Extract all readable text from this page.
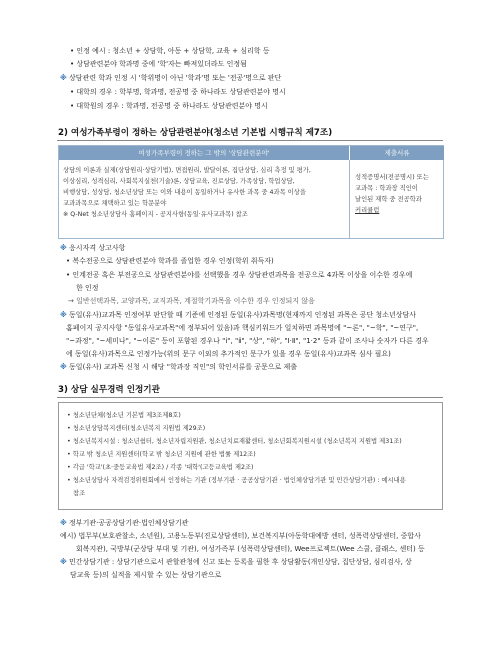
• 인정 예시 : 청소년 + 상담학, 아동 + 상담학, 교육 + 심리학 등
• 상담관련분야 학과명 중에 '학'자는 빠져있더라도 인정됨
※ 상담관련 학과 인정 시 '학위명이 아닌 '학과'명 또는 '전공'명으로 판단
• 대학의 경우 : 학부명, 학과명, 전공명 중 하나라도 상담관련분야 명시
• 대학원의 경우 : 학과명, 전공명 중 하나라도 상담관련분야 명시
2) 여성가족부령이 정하는 상담관련분야(청소년 기본법 시행규칙 제7조)
여성가족부령이 정하는 그 밖의 '상담관련분야'	제출서류
상담의 이론과 실제(상담원리·상담기법), 면접원리, 발달이론, 집단상담, 심리 측정 및 평가,
이상심리, 성격심리, 사회복지실천(기술)론, 상담교육, 진로상담, 가족상담, 학업상담,
비행상담, 성상담, 청소년상담 또는 이와 내용이 동일하거나 유사한 과목 중 4과목 이상을
교과과목으로 채택하고 있는 학문분야
※ Q-Net 청소년상담사 홈페이지 - 공지사항(동일·유사교과목) 참조
성적증명서(전공명시) 또는
교과목 : 학과장 직인이
날인된 재학 중 전공학과
커리큘럼
※ 응시자격 상고사항
• 복수전공으로 상담관련분야 학과를 졸업한 경우 인정(학위 취득자)
• 인계전공 혹은 부전공으로 상담관련분야를 선택했을 경우 상담관련과목을 전공으로 4과목 이상을 이수한 경우에
한 인정
→ 일반선택과목, 교양과목, 교직과목, 계절학기과목을 이수한 경우 인정되지 않음
※ 동일(유사)교과목 인정여부 판단할 때 기준에 인정된 동일(유사)과목명(현재까지 인정된 과목은 공단 청소년상담사
홈페이지 공지사항 "동일유사교과목"에 정부되어 있음)과 핵심키워드가 일치하면 과목명에 "~론", "~학", "~연구",
"~과정", "~세미나", "~이론" 등이 포함된 경우나 "ⅰ", "ⅱ", "상", "하", "Ⅰ·Ⅱ", "1·2" 등과 같이 조사나 숫자가 다른 경우
에 동일(유사)과목으로 인정가능(위의 문구 이외의 추가적인 문구가 있을 경우 동일(유사)교과목 심사 필요)
※ 동일(유사) 교과목 신청 시 해당 "학과장 직인"의 학인서류를 공문으로 제출
3) 상담 실무경력 인정기관
• 청소년단체(청소년 기본법 제3조제8호)
• 청소년상담복지센터(청소년복지 지원법 제29조)
• 청소년복지시설 : 청소년쉼터, 청소년자립지원관, 청소년치료재활센터, 청소년회복지원시설 (청소년복지 지원법 제31조)
• 학교 밖 청소년 지원센터(학교 밖 청소년 지원에 관한 법률 제12조)
• 각급 '학교'(초·중등교육법 제2조) / 각종 '대학'(고등교육법 제2조)
• 청소년상담사 자격검정위원회에서 인정하는 기관 (정부기관 · 공공상담기관 · 법인체상담기관 및 민간상담기관) : 예시내용
참조
※ 정부기관·공공상담기관·법인체상담기관
예시) 법무부(보호관찰소, 소년원), 고용노동부(진로상담센터), 보건복지부(아동학대예방 센터, 성폭력상담센터, 중합사
회복지관), 국방부(군상담 부대 및 기관), 여성가족부 (성폭력상담센터), Wee프로젝트(Wee 스쿨, 클래스, 센터) 등
※ 민간상담기관 : 상담기관으로서 관할관청에 신고 또는 등록을 필한 후 상담활동(개인상담, 집단상담, 심리검사, 상
담교육 등)의 실적을 제시할 수 있는 상담기관으로
